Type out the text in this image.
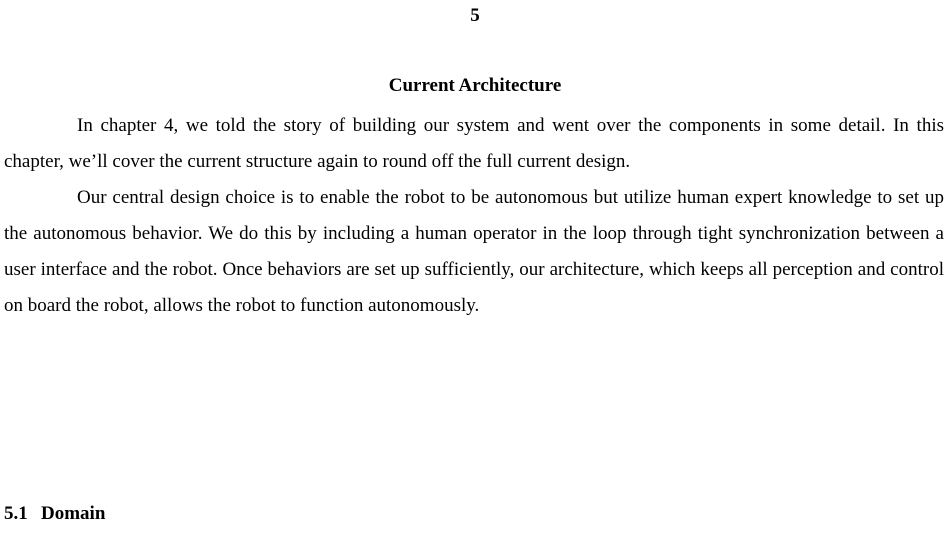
5
Current Architecture

In chapter 4, we told the story of building our system and went over the components in some detail. In this chapter, we’ll cover the current structure again to round off the full current design.

Our central design choice is to enable the robot to be autonomous but utilize human expert knowledge to set up the autonomous behavior. We do this by including a human operator in the loop through tight synchronization between a user interface and the robot. Once behaviors are set up sufficiently, our architecture, which keeps all perception and control on board the robot, allows the robot to function autonomously.

5.1 Domain
